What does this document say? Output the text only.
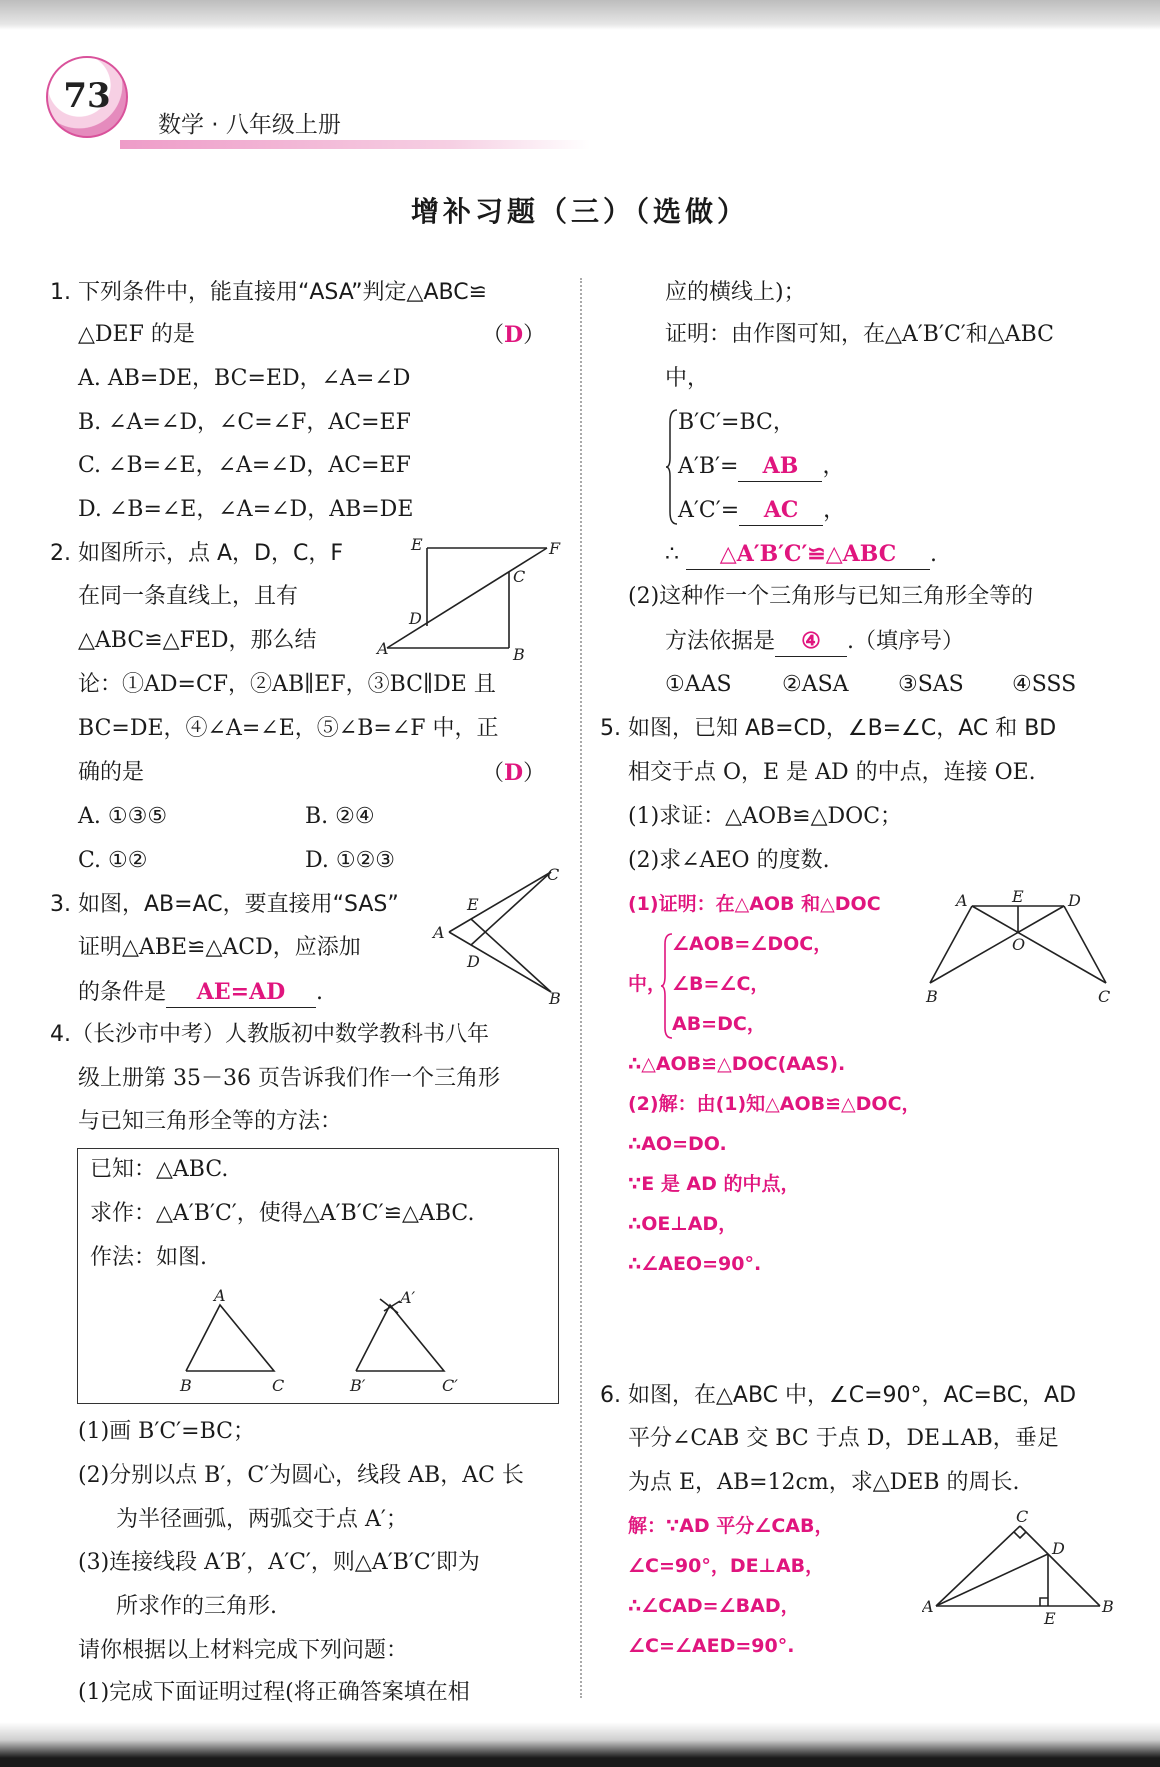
73
数学 · 八年级上册
增补习题（三）（选做）
1. 下列条件中，能直接用“ASA”判定△ABC≌
△DEF 的是	（D）
A. AB=DE，BC=ED，∠A=∠D
B. ∠A=∠D，∠C=∠F，AC=EF
C. ∠B=∠E，∠A=∠D，AC=EF
D. ∠B=∠E，∠A=∠D，AB=DE
2. 如图所示，点 A，D，C，F
在同一条直线上，且有
△ABC≌△FED，那么结
论：①AD=CF，②AB∥EF，③BC∥DE 且
BC=DE，④∠A=∠E，⑤∠B=∠F 中，正
确的是	（D）
A. ①③⑤	B. ②④
C. ①②	D. ①②③
E	F
C
D
A	B
3. 如图，AB=AC，要直接用“SAS”
证明△ABE≌△ACD，应添加
的条件是 AE=AD .
C
E
A
D
B
4.（长沙市中考）人教版初中数学教科书八年
级上册第 35－36 页告诉我们作一个三角形
与已知三角形全等的方法：
已知：△ABC.
求作：△A′B′C′，使得△A′B′C′≌△ABC.
作法：如图.
A
B	C
A′
B′	C′
(1)画 B′C′=BC；
(2)分别以点 B′，C′为圆心，线段 AB，AC 长
为半径画弧，两弧交于点 A′；
(3)连接线段 A′B′，A′C′，则△A′B′C′即为
所求作的三角形.
请你根据以上材料完成下列问题：
(1)完成下面证明过程(将正确答案填在相
应的横线上)；
证明：由作图可知，在△A′B′C′和△ABC
中，
B′C′=BC，
A′B′= AB ，
A′C′= AC ，
∴ △A′B′C′≌△ABC .
(2)这种作一个三角形与已知三角形全等的
方法依据是 ④ .（填序号）
①AAS ②ASA ③SAS ④SSS
5. 如图，已知 AB=CD，∠B=∠C，AC 和 BD
相交于点 O，E 是 AD 的中点，连接 OE.
(1)求证：△AOB≌△DOC；
(2)求∠AEO 的度数.
(1)证明：在△AOB 和△DOC
∠AOB=∠DOC，
中， ∠B=∠C，
AB=DC，
∴△AOB≌△DOC(AAS).
(2)解：由(1)知△AOB≌△DOC，
∴AO=DO.
∵E 是 AD 的中点，
∴OE⊥AD，
∴∠AEO=90°.
A	E	D
O
B	C
6. 如图，在△ABC 中，∠C=90°，AC=BC，AD
平分∠CAB 交 BC 于点 D，DE⊥AB，垂足
为点 E，AB=12cm，求△DEB 的周长.
解：∵AD 平分∠CAB，
∠C=90°，DE⊥AB，
∴∠CAD=∠BAD，
∠C=∠AED=90°.
C
D
A
E
B
